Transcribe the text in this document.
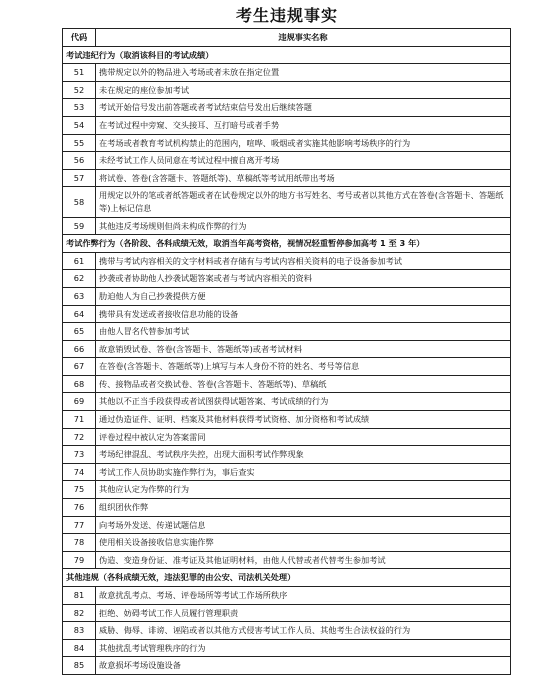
考生违规事实
代码	违规事实名称
考试违纪行为（取消该科目的考试成绩）	
51	携带规定以外的物品进入考场或者未放在指定位置
52	未在规定的座位参加考试
53	考试开始信号发出前答题或者考试结束信号发出后继续答题
54	在考试过程中旁窥、交头接耳、互打暗号或者手势
55	在考场或者教育考试机构禁止的范围内，喧哗、吸烟或者实施其他影响考场秩序的行为
56	未经考试工作人员同意在考试过程中擅自离开考场
57	将试卷、答卷(含答题卡、答题纸等)、草稿纸等考试用纸带出考场
58	用规定以外的笔或者纸答题或者在试卷规定以外的地方书写姓名、考号或者以其他方式在答卷(含答题卡、答题纸等)上标记信息
59	其他违反考场规则但尚未构成作弊的行为
考试作弊行为（各阶段、各科成绩无效，取消当年高考资格，视情况轻重暂停参加高考 1 至 3 年）	
61	携带与考试内容相关的文字材料或者存储有与考试内容相关资料的电子设备参加考试
62	抄袭或者协助他人抄袭试题答案或者与考试内容相关的资料
63	肋迫他人为自己抄袭提供方便
64	携带具有发送或者接收信息功能的设备
65	由他人冒名代替参加考试
66	故意销毁试卷、答卷(含答题卡、答题纸等)或者考试材料
67	在答卷(含答题卡、答题纸等)上填写与本人身份不符的姓名、考号等信息
68	传、接物品或者交换试卷、答卷(含答题卡、答题纸等)、草稿纸
69	其他以不正当手段获得或者试图获得试题答案、考试成绩的行为
71	通过伪造证件、证明、档案及其他材料获得考试资格、加分资格和考试成绩
72	评卷过程中被认定为答案雷同
73	考场纪律混乱、考试秩序失控，出现大面积考试作弊现象
74	考试工作人员协助实施作弊行为，事后查实
75	其他应认定为作弊的行为
76	组织团伙作弊
77	向考场外发送、传递试题信息
78	使用相关设备接收信息实施作弊
79	伪造、变造身份证、准考证及其他证明材料，由他人代替或者代替考生参加考试
其他违规（各科成绩无效，违法犯罪的由公安、司法机关处理）	
81	故意扰乱考点、考场、评卷场所等考试工作场所秩序
82	拒绝、妨碍考试工作人员履行管理职责
83	威胁、侮辱、诽谤、诬陷或者以其他方式侵害考试工作人员、其他考生合法权益的行为
84	其他扰乱考试管理秩序的行为
85	故意损坏考场设施设备
